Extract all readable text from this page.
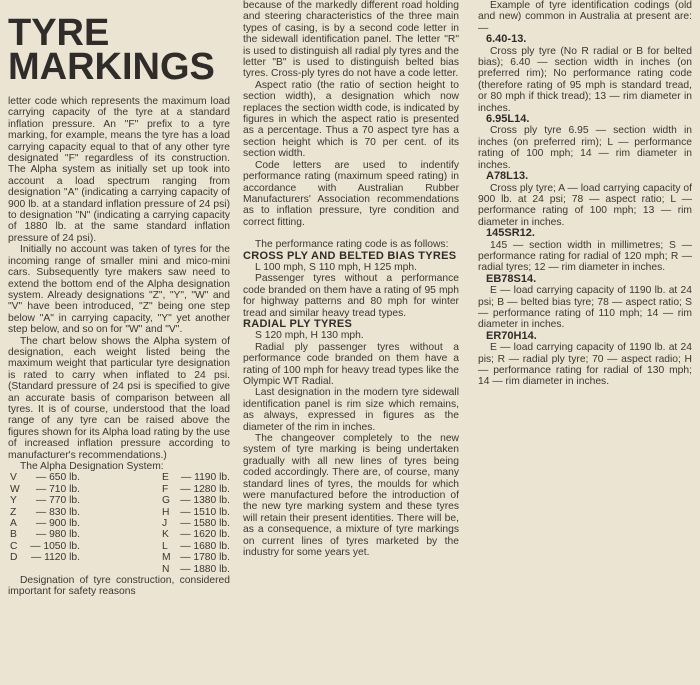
TYRE
MARKINGS

letter code which represents the maximum load carrying capacity of the tyre at a standard inflation pressure. An "F" prefix to a tyre marking, for example, means the tyre has a load carrying capacity equal to that of any other tyre designated "F" regardless of its construction. The Alpha system as initially set up took into account a load spectrum ranging from designation "A" (indicating a carrying capacity of 900 lb. at a standard inflation pressure of 24 psi) to designation "N" (indicating a carrying capacity of 1880 lb. at the same standard inflation pressure of 24 psi).

Initially no account was taken of tyres for the incoming range of smaller mini and mico-mini cars. Subsequently tyre makers saw need to extend the bottom end of the Alpha designation system. Already designations "Z", "Y", "W" and "V" have been introduced, "Z" being one step below "A" in carrying capacity, "Y" yet another step below, and so on for "W" and "V".

The chart below shows the Alpha system of designation, each weight listed being the maximum weight that particular tyre designation is rated to carry when inflated to 24 psi. (Standard pressure of 24 psi is specified to give an accurate basis of comparison between all tyres. It is of course, understood that the load range of any tyre can be raised above the figures shown for its Alpha load rating by the use of increased inflation pressure according to manufacturer's recommendations.)

The Alpha Designation System:

V	— 650 lb.		E	— 1190 lb.
W	— 710 lb.		F	— 1280 lb.
Y	— 770 lb.		G	— 1380 lb.
Z	— 830 lb.		H	— 1510 lb.
A	— 900 lb.		J	— 1580 lb.
B	— 980 lb.		K	— 1620 lb.
C	— 1050 lb.		L	— 1680 lb.
D	— 1120 lb.		M	— 1780 lb.
			N	— 1880 lb.

Designation of tyre construction, considered important for safety reasons

because of the markedly different road holding and steering characteristics of the three main types of casing, is by a second code letter in the sidewall identification panel. The letter "R" is used to distinguish all radial ply tyres and the letter "B" is used to distinguish belted bias tyres. Cross-ply tyres do not have a code letter.

Aspect ratio (the ratio of section height to section width), a designation which now replaces the section width code, is indicated by figures in which the aspect ratio is presented as a percentage. Thus a 70 aspect tyre has a section height which is 70 per cent. of its section width.

Code letters are used to indentify performance rating (maximum speed rating) in accordance with Australian Rubber Manufacturers' Association recommendations as to inflation pressure, tyre condition and correct fitting.

The performance rating code is as follows:

CROSS PLY AND BELTED BIAS TYRES

L 100 mph, S 110 mph, H 125 mph.

Passenger tyres without a performance code branded on them have a rating of 95 mph for highway patterns and 80 mph for winter tread and similar heavy tread types.

RADIAL PLY TYRES

S 120 mph, H 130 mph.

Radial ply passenger tyres without a performance code branded on them have a rating of 100 mph for heavy tread types like the Olympic WT Radial.

Last designation in the modern tyre sidewall identification panel is rim size which remains, as always, expressed in figures as the diameter of the rim in inches.

The changeover completely to the new system of tyre marking is being undertaken gradually with all new lines of tyres being coded accordingly. There are, of course, many standard lines of tyres, the moulds for which were manufactured before the introduction of the new tyre marking system and these tyres will retain their present identities. There will be, as a consequence, a mixture of tyre markings on current lines of tyres marketed by the industry for some years yet.

Example of tyre identification codings (old and new) common in Australia at present are: —

6.40-13.

Cross ply tyre (No R radial or B for belted bias); 6.40 — section width in inches (on preferred rim); No performance rating code (therefore rating of 95 mph is standard tread, or 80 mph if thick tread); 13 — rim diameter in inches.

6.95L14.

Cross ply tyre 6.95 — section width in inches (on preferred rim); L — performance rating of 100 mph; 14 — rim diameter in inches.

A78L13.

Cross ply tyre; A — load carrying capacity of 900 lb. at 24 psi; 78 — aspect ratio; L — performance rating of 100 mph; 13 — rim diameter in inches.

145SR12.

145 — section width in millimetres; S — performance rating for radial of 120 mph; R — radial tyres; 12 — rim diameter in inches.

EB78S14.

E — load carrying capacity of 1190 lb. at 24 psi; B — belted bias tyre; 78 — aspect ratio; S — performance rating of 110 mph; 14 — rim diameter in inches.

ER70H14.

E — load carrying capacity of 1190 lb. at 24 pis; R — radial ply tyre; 70 — aspect radio; H — performance rating for radial of 130 mph; 14 — rim diameter in inches.
